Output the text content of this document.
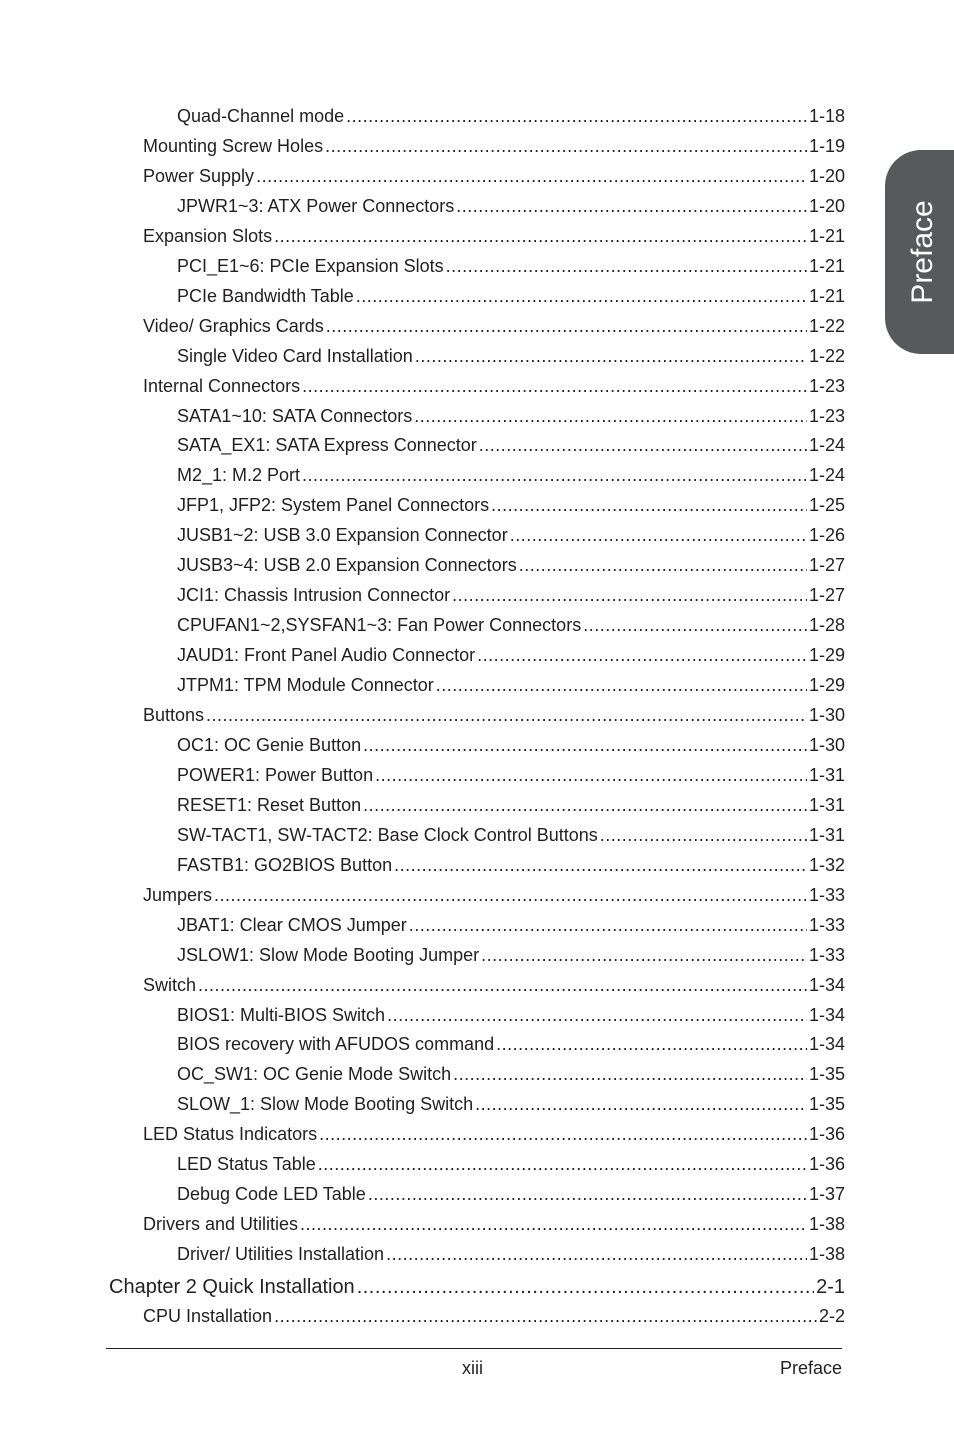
Preface
Quad-Channel mode .....	1-18
Mounting Screw Holes .....	1-19
Power Supply .....	1-20
JPWR1~3: ATX Power Connectors .....	1-20
Expansion Slots .....	1-21
PCI_E1~6: PCIe Expansion Slots .....	1-21
PCIe Bandwidth Table .....	1-21
Video/ Graphics Cards .....	1-22
Single Video Card Installation .....	1-22
Internal Connectors .....	1-23
SATA1~10: SATA Connectors .....	1-23
SATA_EX1: SATA Express Connector .....	1-24
M2_1: M.2 Port .....	1-24
JFP1, JFP2: System Panel Connectors .....	1-25
JUSB1~2: USB 3.0 Expansion Connector .....	1-26
JUSB3~4: USB 2.0 Expansion Connectors .....	1-27
JCI1: Chassis Intrusion Connector .....	1-27
CPUFAN1~2,SYSFAN1~3: Fan Power Connectors .....	1-28
JAUD1: Front Panel Audio Connector .....	1-29
JTPM1: TPM Module Connector .....	1-29
Buttons .....	1-30
OC1: OC Genie Button .....	1-30
POWER1: Power Button .....	1-31
RESET1: Reset Button .....	1-31
SW-TACT1, SW-TACT2: Base Clock Control Buttons .....	1-31
FASTB1: GO2BIOS Button .....	1-32
Jumpers .....	1-33
JBAT1: Clear CMOS Jumper .....	1-33
JSLOW1: Slow Mode Booting Jumper .....	1-33
Switch .....	1-34
BIOS1: Multi-BIOS Switch .....	1-34
BIOS recovery with AFUDOS command .....	1-34
OC_SW1: OC Genie Mode Switch .....	1-35
SLOW_1: Slow Mode Booting Switch .....	1-35
LED Status Indicators .....	1-36
LED Status Table .....	1-36
Debug Code LED Table .....	1-37
Drivers and Utilities .....	1-38
Driver/ Utilities Installation .....	1-38
Chapter 2 Quick Installation .....	2-1
CPU Installation .....	2-2
xiii	Preface
